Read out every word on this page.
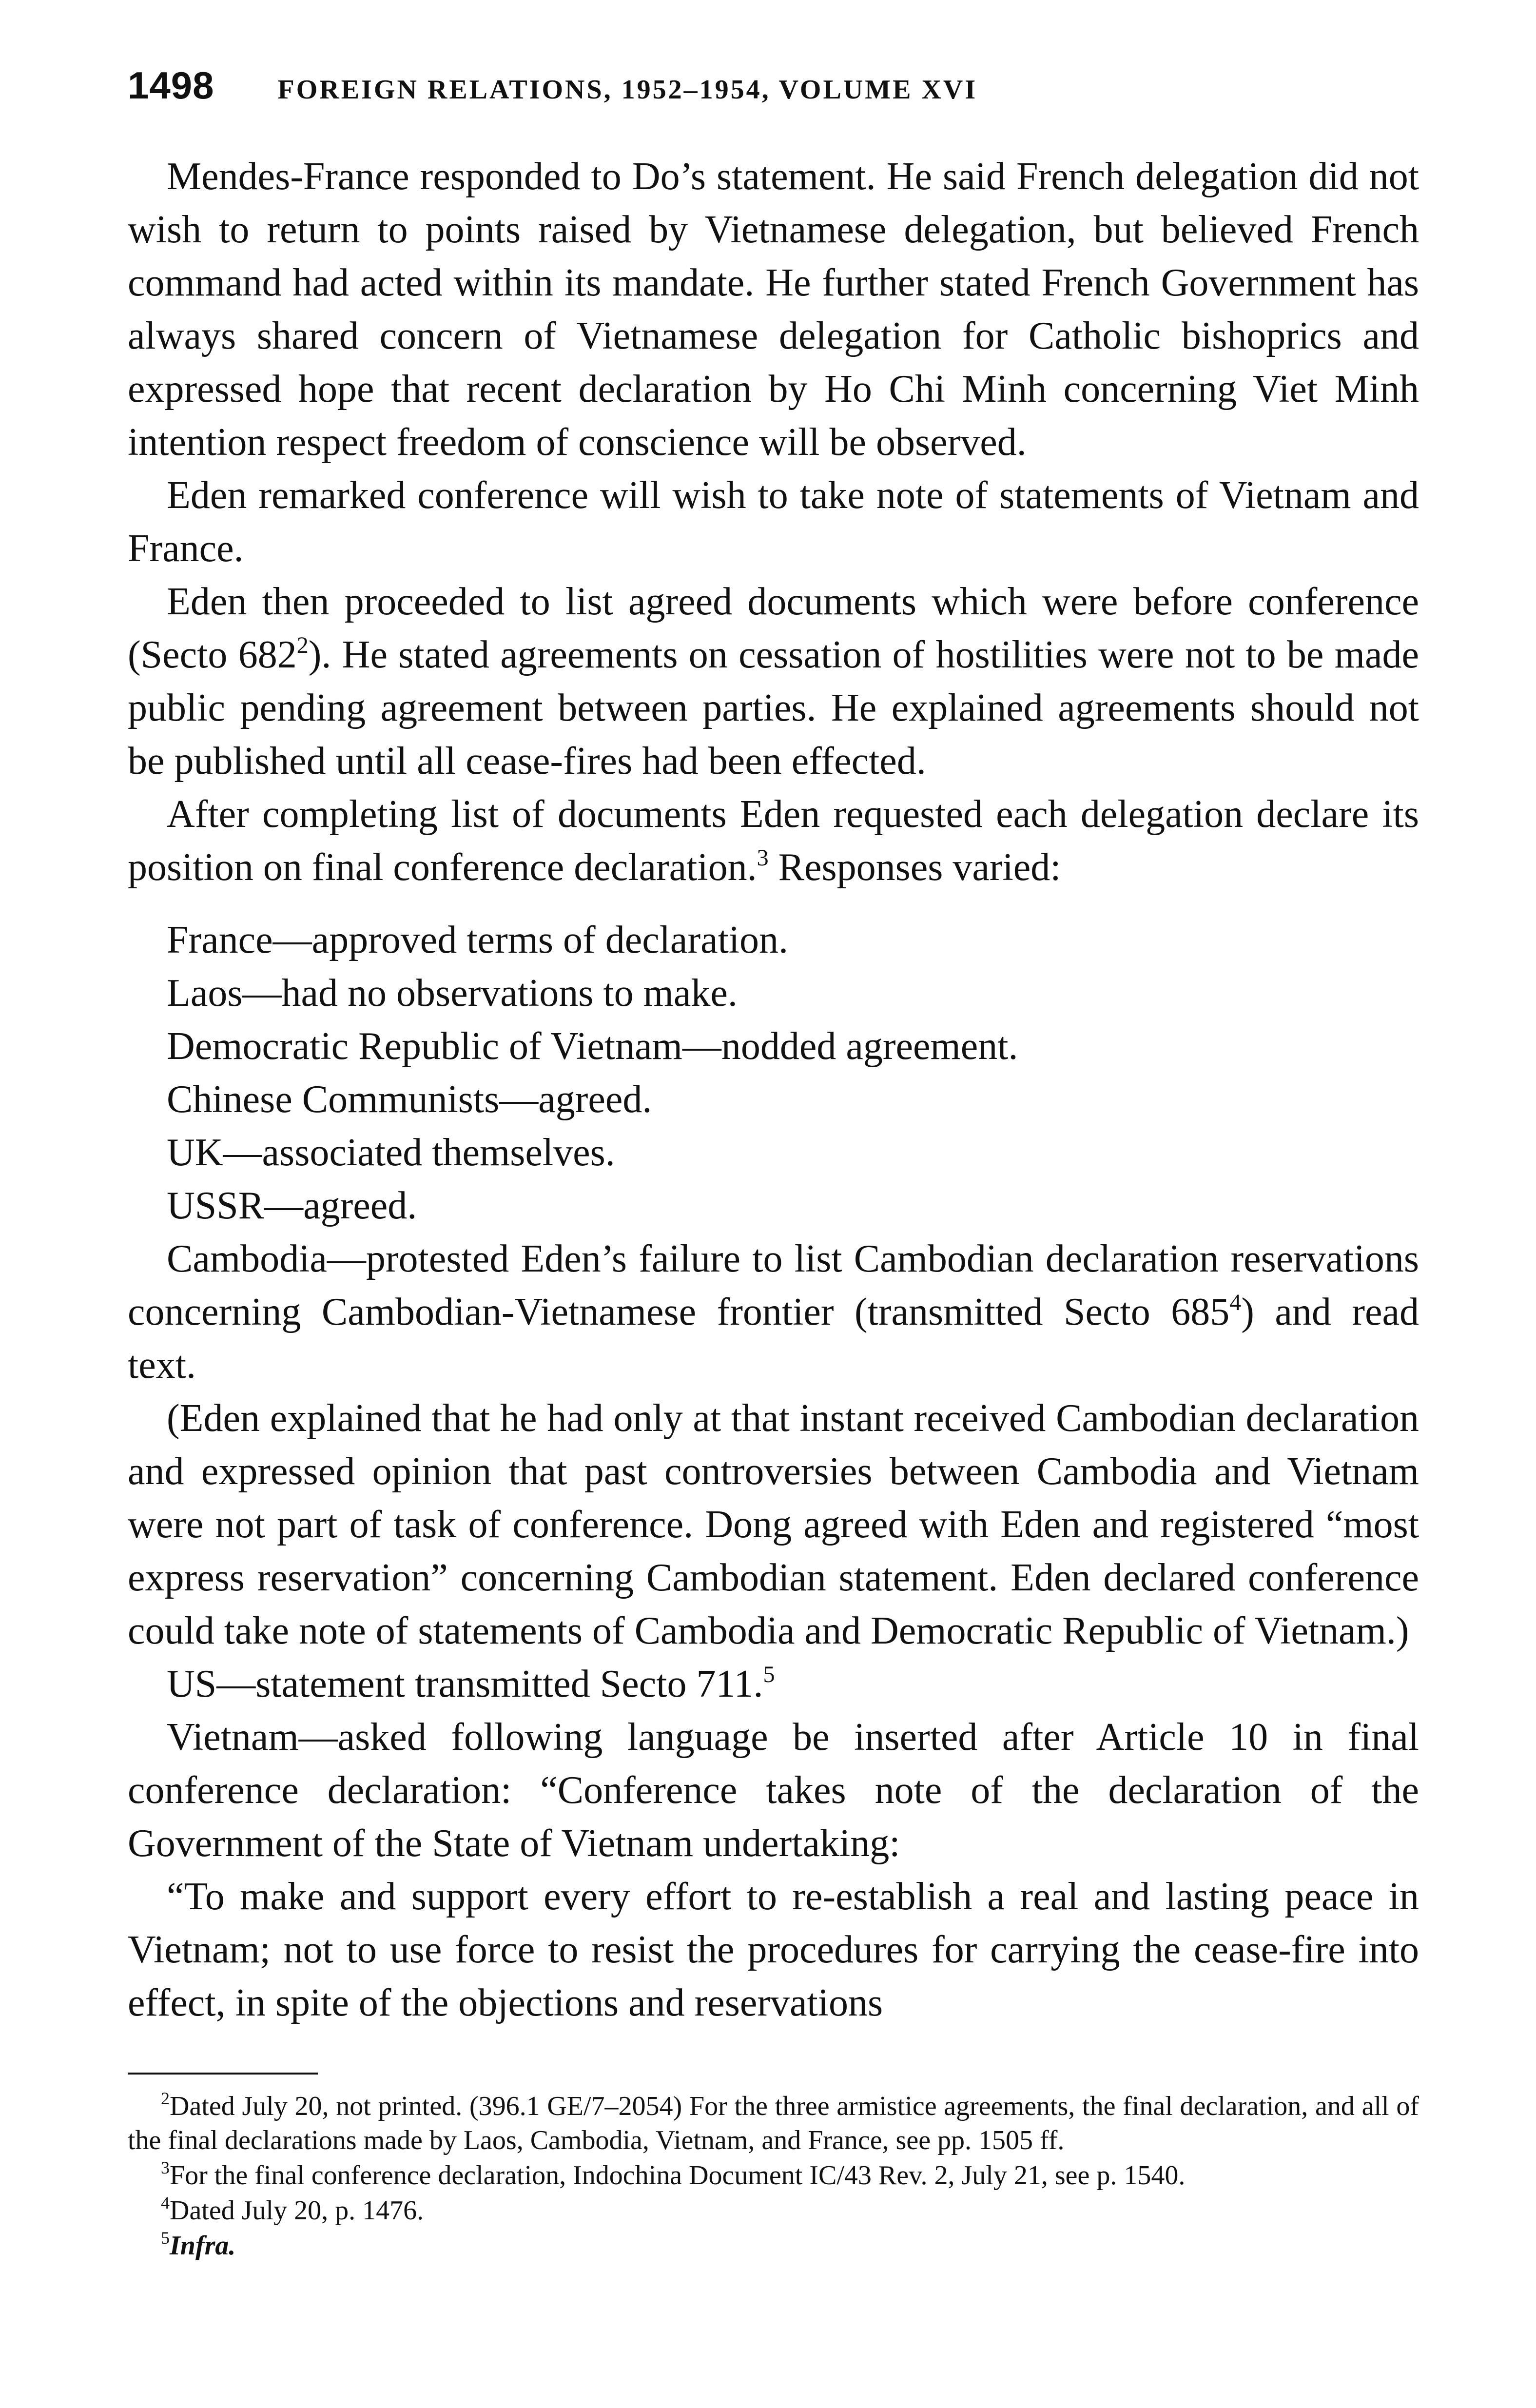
1498 FOREIGN RELATIONS, 1952–1954, VOLUME XVI

Mendes-France responded to Do’s statement. He said French delegation did not wish to return to points raised by Vietnamese delegation, but believed French command had acted within its mandate. He further stated French Government has always shared concern of Vietnamese delegation for Catholic bishoprics and expressed hope that recent declaration by Ho Chi Minh concerning Viet Minh intention respect freedom of conscience will be observed.

Eden remarked conference will wish to take note of statements of Vietnam and France.

Eden then proceeded to list agreed documents which were before conference (Secto $682^2$). He stated agreements on cessation of hostilities were not to be made public pending agreement between parties. He explained agreements should not be published until all cease-fires had been effected.

After completing list of documents Eden requested each delegation declare its position on final conference declaration.$^3$ Responses varied:

France—approved terms of declaration.
Laos—had no observations to make.
Democratic Republic of Vietnam—nodded agreement.
Chinese Communists—agreed.
UK—associated themselves.
USSR—agreed.
Cambodia—protested Eden’s failure to list Cambodian declaration reservations concerning Cambodian-Vietnamese frontier (transmitted Secto $685^4$) and read text.
(Eden explained that he had only at that instant received Cambodian declaration and expressed opinion that past controversies between Cambodia and Vietnam were not part of task of conference. Dong agreed with Eden and registered “most express reservation” concerning Cambodian statement. Eden declared conference could take note of statements of Cambodia and Democratic Republic of Vietnam.)
US—statement transmitted Secto 711.$^5$
Vietnam—asked following language be inserted after Article 10 in final conference declaration: “Conference takes note of the declaration of the Government of the State of Vietnam undertaking:
“To make and support every effort to re-establish a real and lasting peace in Vietnam; not to use force to resist the procedures for carrying the cease-fire into effect, in spite of the objections and reservations

$^2$Dated July 20, not printed. (396.1 GE/7–2054) For the three armistice agreements, the final declaration, and all of the final declarations made by Laos, Cambodia, Vietnam, and France, see pp. 1505 ff.

$^3$For the final conference declaration, Indochina Document IC/43 Rev. 2, July 21, see p. 1540.

$^4$Dated July 20, p. 1476.

$^5$Infra.
